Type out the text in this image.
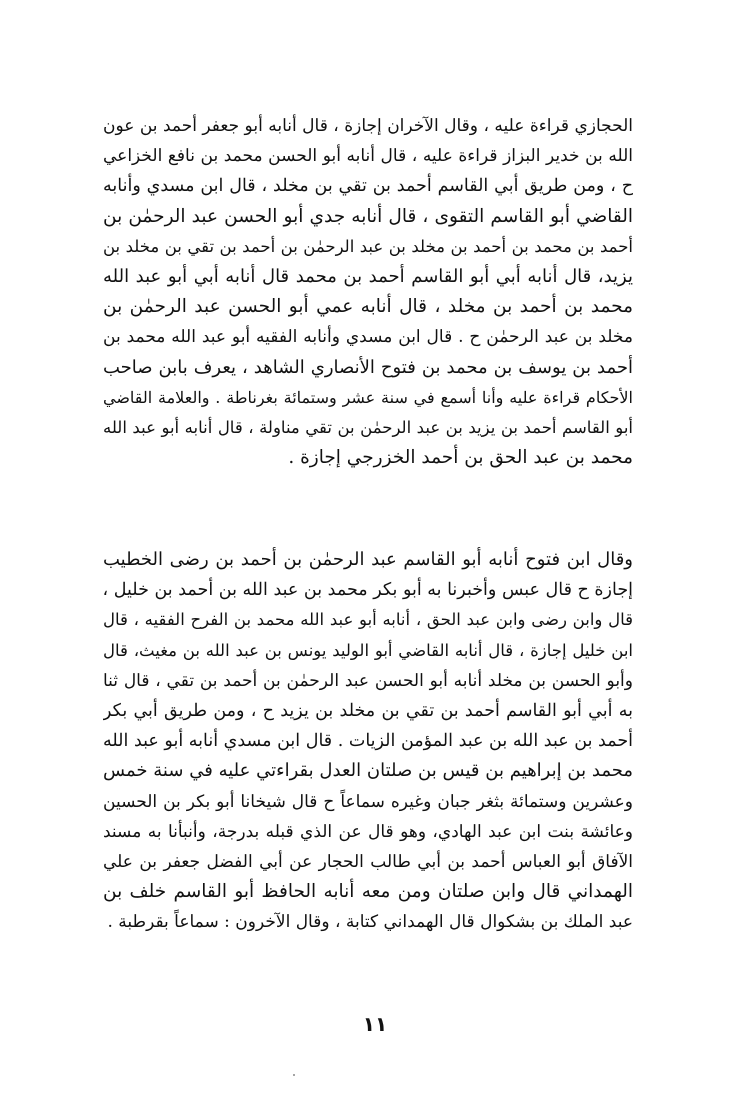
الحجازي قراءة عليه ، وقال الآخران إجازة ، قال أنابه أبو جعفر أحمد بن عون
الله بن خدير البزاز قراءة عليه ، قال أنابه أبو الحسن محمد بن نافع الخزاعي
ح ، ومن طريق أبي القاسم أحمد بن تقي بن مخلد ، قال ابن مسدي وأنابه
القاضي أبو القاسم التقوى ، قال أنابه جدي أبو الحسن عبد الرحمٰن بن
أحمد بن محمد بن أحمد بن مخلد بن عبد الرحمٰن بن أحمد بن تقي بن مخلد بن
يزيد، قال أنابه أبي أبو القاسم أحمد بن محمد قال أنابه أبي أبو عبد الله
محمد بن أحمد بن مخلد ، قال أنابه عمي أبو الحسن عبد الرحمٰن بن
مخلد بن عبد الرحمٰن ح . قال ابن مسدي وأنابه الفقيه أبو عبد الله محمد بن
أحمد بن يوسف بن محمد بن فتوح الأنصاري الشاهد ، يعرف بابن صاحب
الأحكام قراءة عليه وأنا أسمع في سنة عشر وستمائة بغرناطة . والعلامة القاضي
أبو القاسم أحمد بن يزيد بن عبد الرحمٰن بن تقي مناولة ، قال أنابه أبو عبد الله
محمد بن عبد الحق بن أحمد الخزرجي إجازة .
وقال ابن فتوح أنابه أبو القاسم عبد الرحمٰن بن أحمد بن رضى الخطيب
إجازة ح قال عبس وأخبرنا به أبو بكر محمد بن عبد الله بن أحمد بن خليل ،
قال وابن رضى وابن عبد الحق ، أنابه أبو عبد الله محمد بن الفرح الفقيه ، قال
ابن خليل إجازة ، قال أنابه القاضي أبو الوليد يونس بن عبد الله بن مغيث، قال
وأبو الحسن بن مخلد أنابه أبو الحسن عبد الرحمٰن بن أحمد بن تقي ، قال ثنا
به أبي أبو القاسم أحمد بن تقي بن مخلد بن يزيد ح ، ومن طريق أبي بكر
أحمد بن عبد الله بن عبد المؤمن الزيات . قال ابن مسدي أنابه أبو عبد الله
محمد بن إبراهيم بن قيس بن صلتان العدل بقراءتي عليه في سنة خمس
وعشرين وستمائة بثغر جبان وغيره سماعاً ح قال شيخانا أبو بكر بن الحسين
وعائشة بنت ابن عبد الهادي، وهو قال عن الذي قبله بدرجة، وأنبأنا به مسند
الآفاق أبو العباس أحمد بن أبي طالب الحجار عن أبي الفضل جعفر بن علي
الهمداني قال وابن صلتان ومن معه أنابه الحافظ أبو القاسم خلف بن
عبد الملك بن بشكوال قال الهمداني كتابة ، وقال الآخرون : سماعاً بقرطبة .
١١
